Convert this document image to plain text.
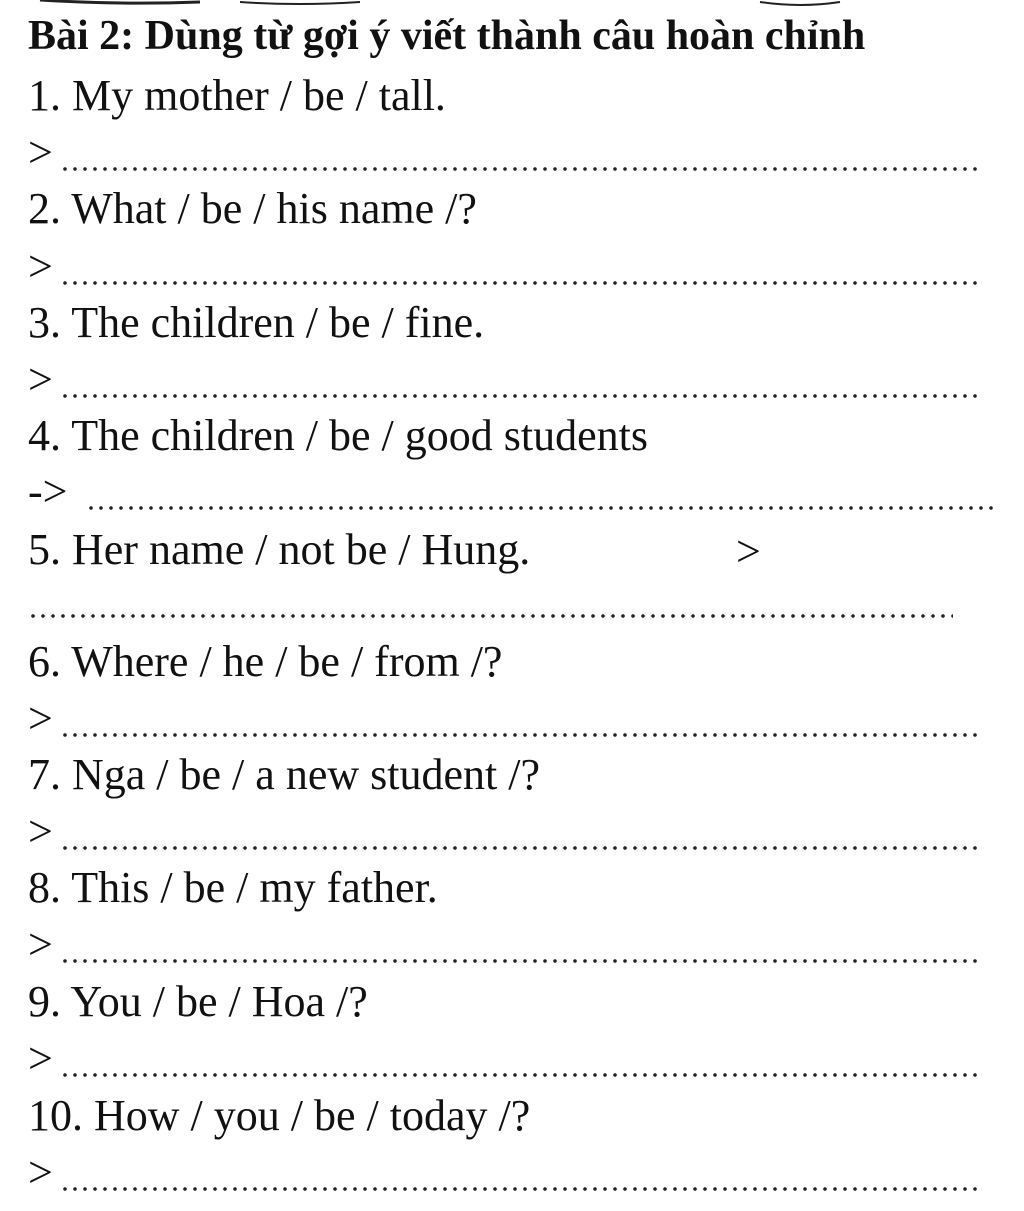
Bài 2: Dùng từ gợi ý viết thành câu hoàn chỉnh
1. My mother / be / tall.
>
2. What / be / his name /?
>
3. The children / be / fine.
>
4. The children / be / good students
->
5. Her name / not be / Hung.	>
6. Where / he / be / from /?
>
7. Nga / be / a new student /?
>
8. This / be / my father.
>
9. You / be / Hoa /?
>
10. How / you / be / today /?
>
